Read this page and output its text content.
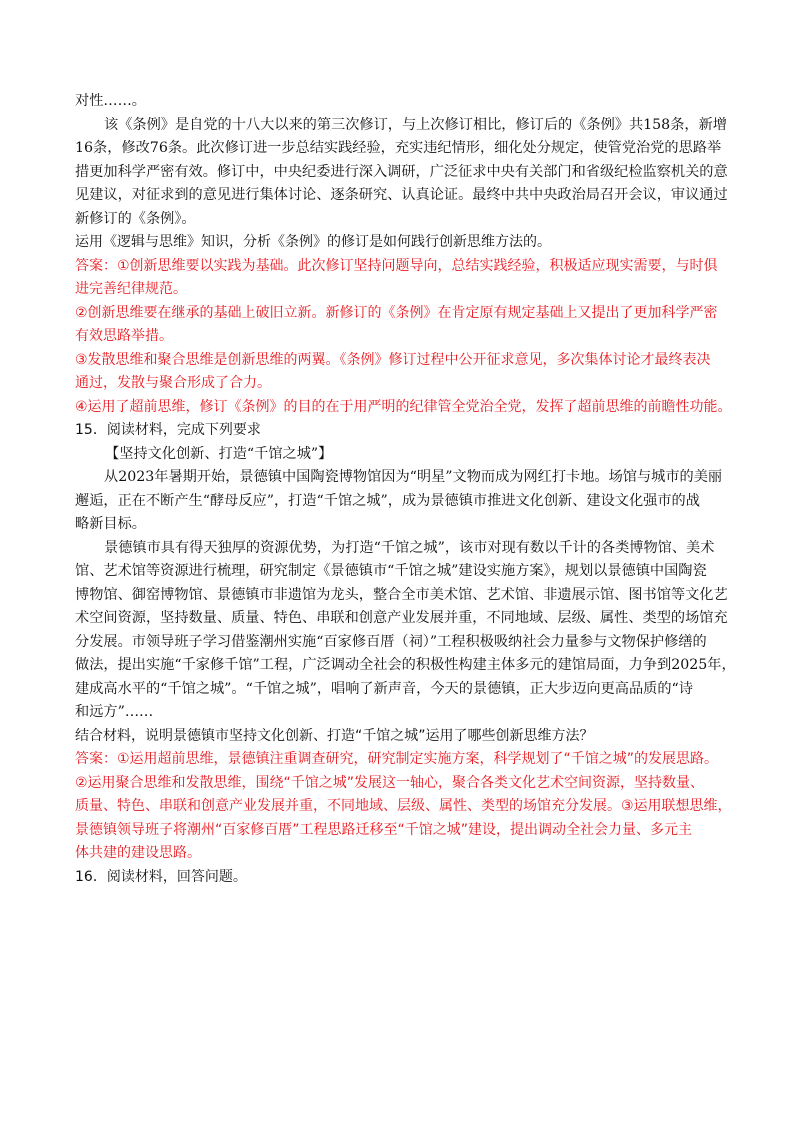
对性……。

该《条例》是自党的十八大以来的第三次修订，与上次修订相比，修订后的《条例》共158条，新增

16条，修改76条。此次修订进一步总结实践经验，充实违纪情形，细化处分规定，使管党治党的思路举

措更加科学严密有效。修订中，中央纪委进行深入调研，广泛征求中央有关部门和省级纪检监察机关的意

见建议，对征求到的意见进行集体讨论、逐条研究、认真论证。最终中共中央政治局召开会议，审议通过

新修订的《条例》。

运用《逻辑与思维》知识，分析《条例》的修订是如何践行创新思维方法的。

答案：①创新思维要以实践为基础。此次修订坚持问题导向，总结实践经验，积极适应现实需要，与时俱

进完善纪律规范。

②创新思维要在继承的基础上破旧立新。新修订的《条例》在肯定原有规定基础上又提出了更加科学严密

有效思路举措。

③发散思维和聚合思维是创新思维的两翼。《条例》修订过程中公开征求意见，多次集体讨论才最终表决

通过，发散与聚合形成了合力。

④运用了超前思维，修订《条例》的目的在于用严明的纪律管全党治全党，发挥了超前思维的前瞻性功能。

15．阅读材料，完成下列要求

【坚持文化创新、打造“千馆之城”】

从2023年暑期开始，景德镇中国陶瓷博物馆因为“明星”文物而成为网红打卡地。场馆与城市的美丽

邂逅，正在不断产生“酵母反应”，打造“千馆之城”，成为景德镇市推进文化创新、建设文化强市的战

略新目标。

景德镇市具有得天独厚的资源优势，为打造“千馆之城”，该市对现有数以千计的各类博物馆、美术

馆、艺术馆等资源进行梳理，研究制定《景德镇市“千馆之城”建设实施方案》，规划以景德镇中国陶瓷

博物馆、御窑博物馆、景德镇市非遗馆为龙头，整合全市美术馆、艺术馆、非遗展示馆、图书馆等文化艺

术空间资源，坚持数量、质量、特色、串联和创意产业发展并重，不同地域、层级、属性、类型的场馆充

分发展。市领导班子学习借鉴潮州实施“百家修百厝（祠）”工程积极吸纳社会力量参与文物保护修缮的

做法，提出实施“千家修千馆”工程，广泛调动全社会的积极性构建主体多元的建馆局面，力争到2025年，

建成高水平的“千馆之城”。“千馆之城”，唱响了新声音，今天的景德镇，正大步迈向更高品质的“诗

和远方”……

结合材料，说明景德镇市坚持文化创新、打造“千馆之城”运用了哪些创新思维方法？

答案：①运用超前思维，景德镇注重调查研究，研究制定实施方案，科学规划了“千馆之城”的发展思路。

②运用聚合思维和发散思维，围绕“千馆之城”发展这一轴心，聚合各类文化艺术空间资源，坚持数量、

质量、特色、串联和创意产业发展并重，不同地域、层级、属性、类型的场馆充分发展。③运用联想思维，

景德镇领导班子将潮州“百家修百厝”工程思路迁移至“千馆之城”建设，提出调动全社会力量、多元主

体共建的建设思路。

16．阅读材料，回答问题。
